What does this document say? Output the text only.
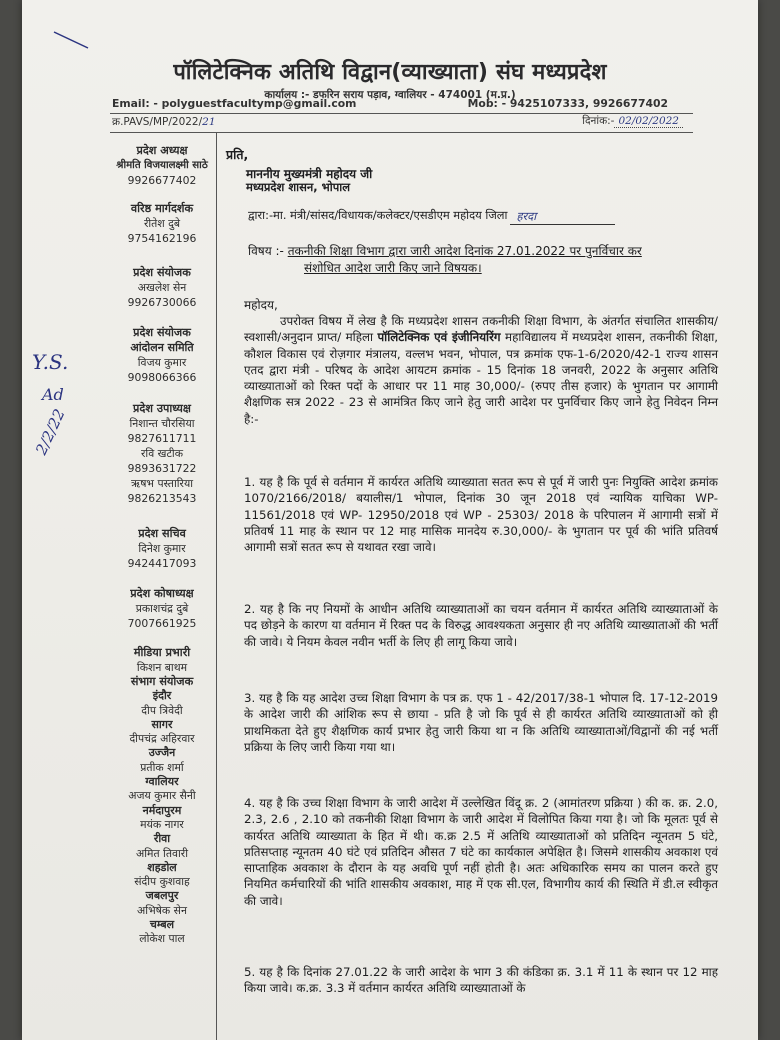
पॉलिटेक्निक अतिथि विद्वान(व्याख्याता) संघ मध्यप्रदेश
कार्यालय :- डफरिन सराय पड़ाव, ग्वालियर - 474001 (म.प्र.)
Email: - polyguestfacultymp@gmail.com	Mob: - 9425107333, 9926677402
क्र.PAVS/MP/2022/21	दिनांक:- 02/02/2022
प्रदेश अध्यक्ष
श्रीमति विजयालक्ष्मी साठे
9926677402
वरिष्ठ मार्गदर्शक
रीतेश दुबे
9754162196
प्रदेश संयोजक
अखलेश सेन
9926730066
प्रदेश संयोजक
आंदोलन समिति
विजय कुमार
9098066366
प्रदेश उपाध्यक्ष
निशान्त चौरसिया
9827611711
रवि खटीक
9893631722
ऋषभ पस्तारिया
9826213543
प्रदेश सचिव
दिनेश कुमार
9424417093
प्रदेश कोषाध्यक्ष
प्रकाशचंद्र दुबे
7007661925
मीडिया प्रभारी
किशन बाथम
संभाग संयोजक
इंदौर
दीप त्रिवेदी
सागर
दीपचंद्र अहिरवार
उज्जैन
प्रतीक शर्मा
ग्वालियर
अजय कुमार सैनी
नर्मदापुरम
मयंक नागर
रीवा
अमित तिवारी
शहडोल
संदीप कुशवाह
जबलपुर
अभिषेक सेन
चम्बल
लोकेश पाल
Y.S.
Ad
2/2/22
प्रति,
माननीय मुख्यमंत्री महोदय जी
मध्यप्रदेश शासन, भोपाल
द्वारा:-मा. मंत्री/सांसद/विधायक/कलेक्टर/एसडीएम महोदय जिला हरदा
विषय :- तकनीकी शिक्षा विभाग द्वारा जारी आदेश दिनांक 27.01.2022 पर पुनर्विचार कर
संशोधित आदेश जारी किए जाने विषयक।
महोदय,
उपरोक्त विषय में लेख है कि मध्यप्रदेश शासन तकनीकी शिक्षा विभाग, के अंतर्गत संचालित शासकीय/स्वशासी/अनुदान प्राप्त/ महिला पॉलिटेक्निक एवं इंजीनियरिंग महाविद्यालय में मध्यप्रदेश शासन, तकनीकी शिक्षा, कौशल विकास एवं रोज़गार मंत्रालय, वल्लभ भवन, भोपाल, पत्र क्रमांक एफ-1-6/2020/42-1 राज्य शासन एतद द्वारा मंत्री - परिषद के आदेश आयटम क्रमांक - 15 दिनांक 18 जनवरी, 2022 के अनुसार अतिथि व्याख्याताओं को रिक्त पदों के आधार पर 11 माह 30,000/- (रुपए तीस हजार) के भुगतान पर आगामी शैक्षणिक सत्र 2022 - 23 से आमंत्रित किए जाने हेतु जारी आदेश पर पुनर्विचार किए जाने हेतु निवेदन निम्न है:-
1. यह है कि पूर्व से वर्तमान में कार्यरत अतिथि व्याख्याता सतत रूप से पूर्व में जारी पुनः नियुक्ति आदेश क्रमांक 1070/2166/2018/ बयालीस/1 भोपाल, दिनांक 30 जून 2018 एवं न्यायिक याचिका WP- 11561/2018 एवं WP- 12950/2018 एवं WP - 25303/ 2018 के परिपालन में आगामी सत्रों में प्रतिवर्ष 11 माह के स्थान पर 12 माह मासिक मानदेय रु.30,000/- के भुगतान पर पूर्व की भांति प्रतिवर्ष आगामी सत्रों सतत रूप से यथावत रखा जावे।
2. यह है कि नए नियमों के आधीन अतिथि व्याख्याताओं का चयन वर्तमान में कार्यरत अतिथि व्याख्याताओं के पद छोड़ने के कारण या वर्तमान में रिक्त पद के विरुद्ध आवश्यकता अनुसार ही नए अतिथि व्याख्याताओं की भर्ती की जावे। ये नियम केवल नवीन भर्ती के लिए ही लागू किया जावे।
3. यह है कि यह आदेश उच्च शिक्षा विभाग के पत्र क्र. एफ 1 - 42/2017/38-1 भोपाल दि. 17-12-2019 के आदेश जारी की आंशिक रूप से छाया - प्रति है जो कि पूर्व से ही कार्यरत अतिथि व्याख्याताओं को ही प्राथमिकता देते हुए शैक्षणिक कार्य प्रभार हेतु जारी किया था न कि अतिथि व्याख्याताओं/विद्वानों की नई भर्ती प्रक्रिया के लिए जारी किया गया था।
4. यह है कि उच्च शिक्षा विभाग के जारी आदेश में उल्लेखित विंदू क्र. 2 (आमांतरण प्रक्रिया ) की क. क्र. 2.0, 2.3, 2.6 , 2.10 को तकनीकी शिक्षा विभाग के जारी आदेश में विलोपित किया गया है। जो कि मूलतः पूर्व से कार्यरत अतिथि व्याख्याता के हित में थी। क.क्र 2.5 में अतिथि व्याख्याताओं को प्रतिदिन न्यूनतम 5 घंटे, प्रतिसप्ताह न्यूनतम 40 घंटे एवं प्रतिदिन औसत 7 घंटे का कार्यकाल अपेक्षित है। जिसमे शासकीय अवकाश एवं साप्ताहिक अवकाश के दौरान के यह अवधि पूर्ण नहीं होती है। अतः अधिकारिक समय का पालन करते हुए नियमित कर्मचारियों की भांति शासकीय अवकाश, माह में एक सी.एल, विभागीय कार्य की स्थिति में डी.ल स्वीकृत की जावे।
5. यह है कि दिनांक 27.01.22 के जारी आदेश के भाग 3 की कंडिका क्र. 3.1 में 11 के स्थान पर 12 माह किया जावे। क.क्र. 3.3 में वर्तमान कार्यरत अतिथि व्याख्याताओं के
